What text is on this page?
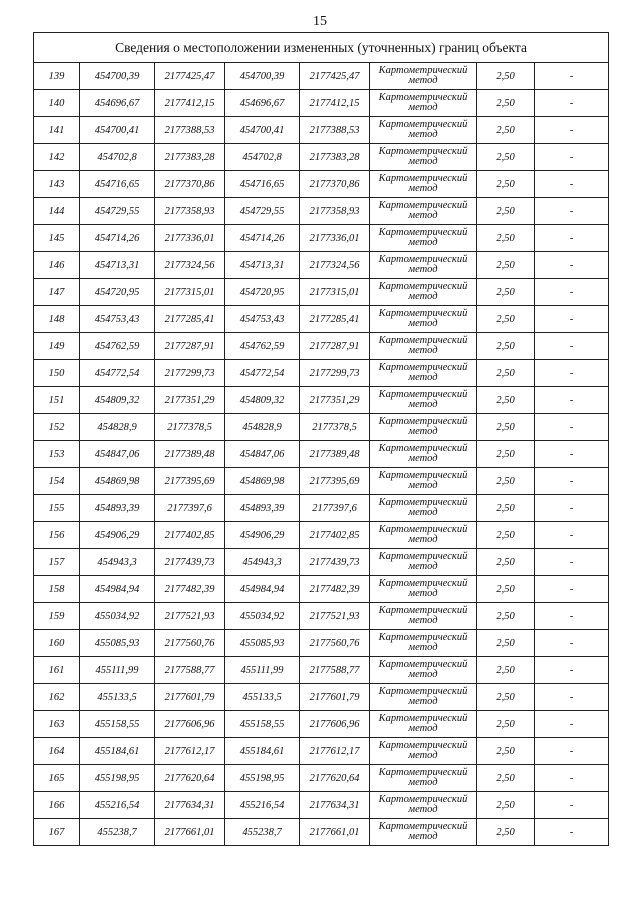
15
Сведения о местоположении измененных (уточненных) границ объекта							
139	454700,39	2177425,47	454700,39	2177425,47	Картометрический
метод	2,50	-
140	454696,67	2177412,15	454696,67	2177412,15	Картометрический
метод	2,50	-
141	454700,41	2177388,53	454700,41	2177388,53	Картометрический
метод	2,50	-
142	454702,8	2177383,28	454702,8	2177383,28	Картометрический
метод	2,50	-
143	454716,65	2177370,86	454716,65	2177370,86	Картометрический
метод	2,50	-
144	454729,55	2177358,93	454729,55	2177358,93	Картометрический
метод	2,50	-
145	454714,26	2177336,01	454714,26	2177336,01	Картометрический
метод	2,50	-
146	454713,31	2177324,56	454713,31	2177324,56	Картометрический
метод	2,50	-
147	454720,95	2177315,01	454720,95	2177315,01	Картометрический
метод	2,50	-
148	454753,43	2177285,41	454753,43	2177285,41	Картометрический
метод	2,50	-
149	454762,59	2177287,91	454762,59	2177287,91	Картометрический
метод	2,50	-
150	454772,54	2177299,73	454772,54	2177299,73	Картометрический
метод	2,50	-
151	454809,32	2177351,29	454809,32	2177351,29	Картометрический
метод	2,50	-
152	454828,9	2177378,5	454828,9	2177378,5	Картометрический
метод	2,50	-
153	454847,06	2177389,48	454847,06	2177389,48	Картометрический
метод	2,50	-
154	454869,98	2177395,69	454869,98	2177395,69	Картометрический
метод	2,50	-
155	454893,39	2177397,6	454893,39	2177397,6	Картометрический
метод	2,50	-
156	454906,29	2177402,85	454906,29	2177402,85	Картометрический
метод	2,50	-
157	454943,3	2177439,73	454943,3	2177439,73	Картометрический
метод	2,50	-
158	454984,94	2177482,39	454984,94	2177482,39	Картометрический
метод	2,50	-
159	455034,92	2177521,93	455034,92	2177521,93	Картометрический
метод	2,50	-
160	455085,93	2177560,76	455085,93	2177560,76	Картометрический
метод	2,50	-
161	455111,99	2177588,77	455111,99	2177588,77	Картометрический
метод	2,50	-
162	455133,5	2177601,79	455133,5	2177601,79	Картометрический
метод	2,50	-
163	455158,55	2177606,96	455158,55	2177606,96	Картометрический
метод	2,50	-
164	455184,61	2177612,17	455184,61	2177612,17	Картометрический
метод	2,50	-
165	455198,95	2177620,64	455198,95	2177620,64	Картометрический
метод	2,50	-
166	455216,54	2177634,31	455216,54	2177634,31	Картометрический
метод	2,50	-
167	455238,7	2177661,01	455238,7	2177661,01	Картометрический
метод	2,50	-
